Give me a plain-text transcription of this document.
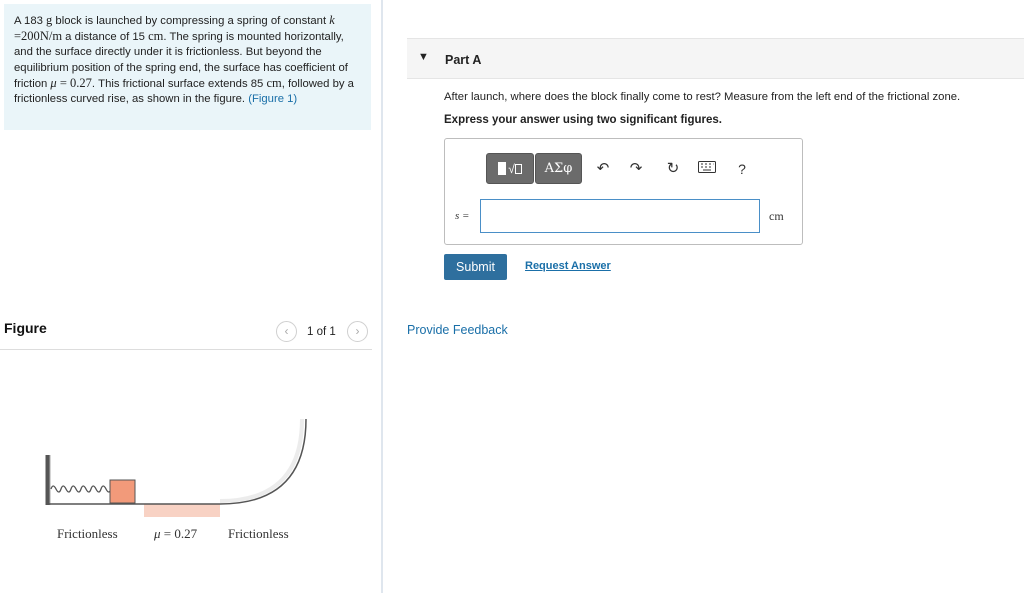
A 183 g block is launched by compressing a spring of constant k =200N/m a distance of 15 cm. The spring is mounted horizontally, and the surface directly under it is frictionless. But beyond the equilibrium position of the spring end, the surface has coefficient of friction μ = 0.27. This frictional surface extends 85 cm, followed by a frictionless curved rise, as shown in the figure. (Figure 1)
Figure	‹	1 of 1	›
Frictionless	μ = 0.27 Frictionless
▼ Part A
After launch, where does the block finally come to rest? Measure from the left end of the frictional zone.
Express your answer using two significant figures.
√	ΑΣφ	↶ ↷ ↻	?
s =	cm
Submit	Request Answer
Provide Feedback
